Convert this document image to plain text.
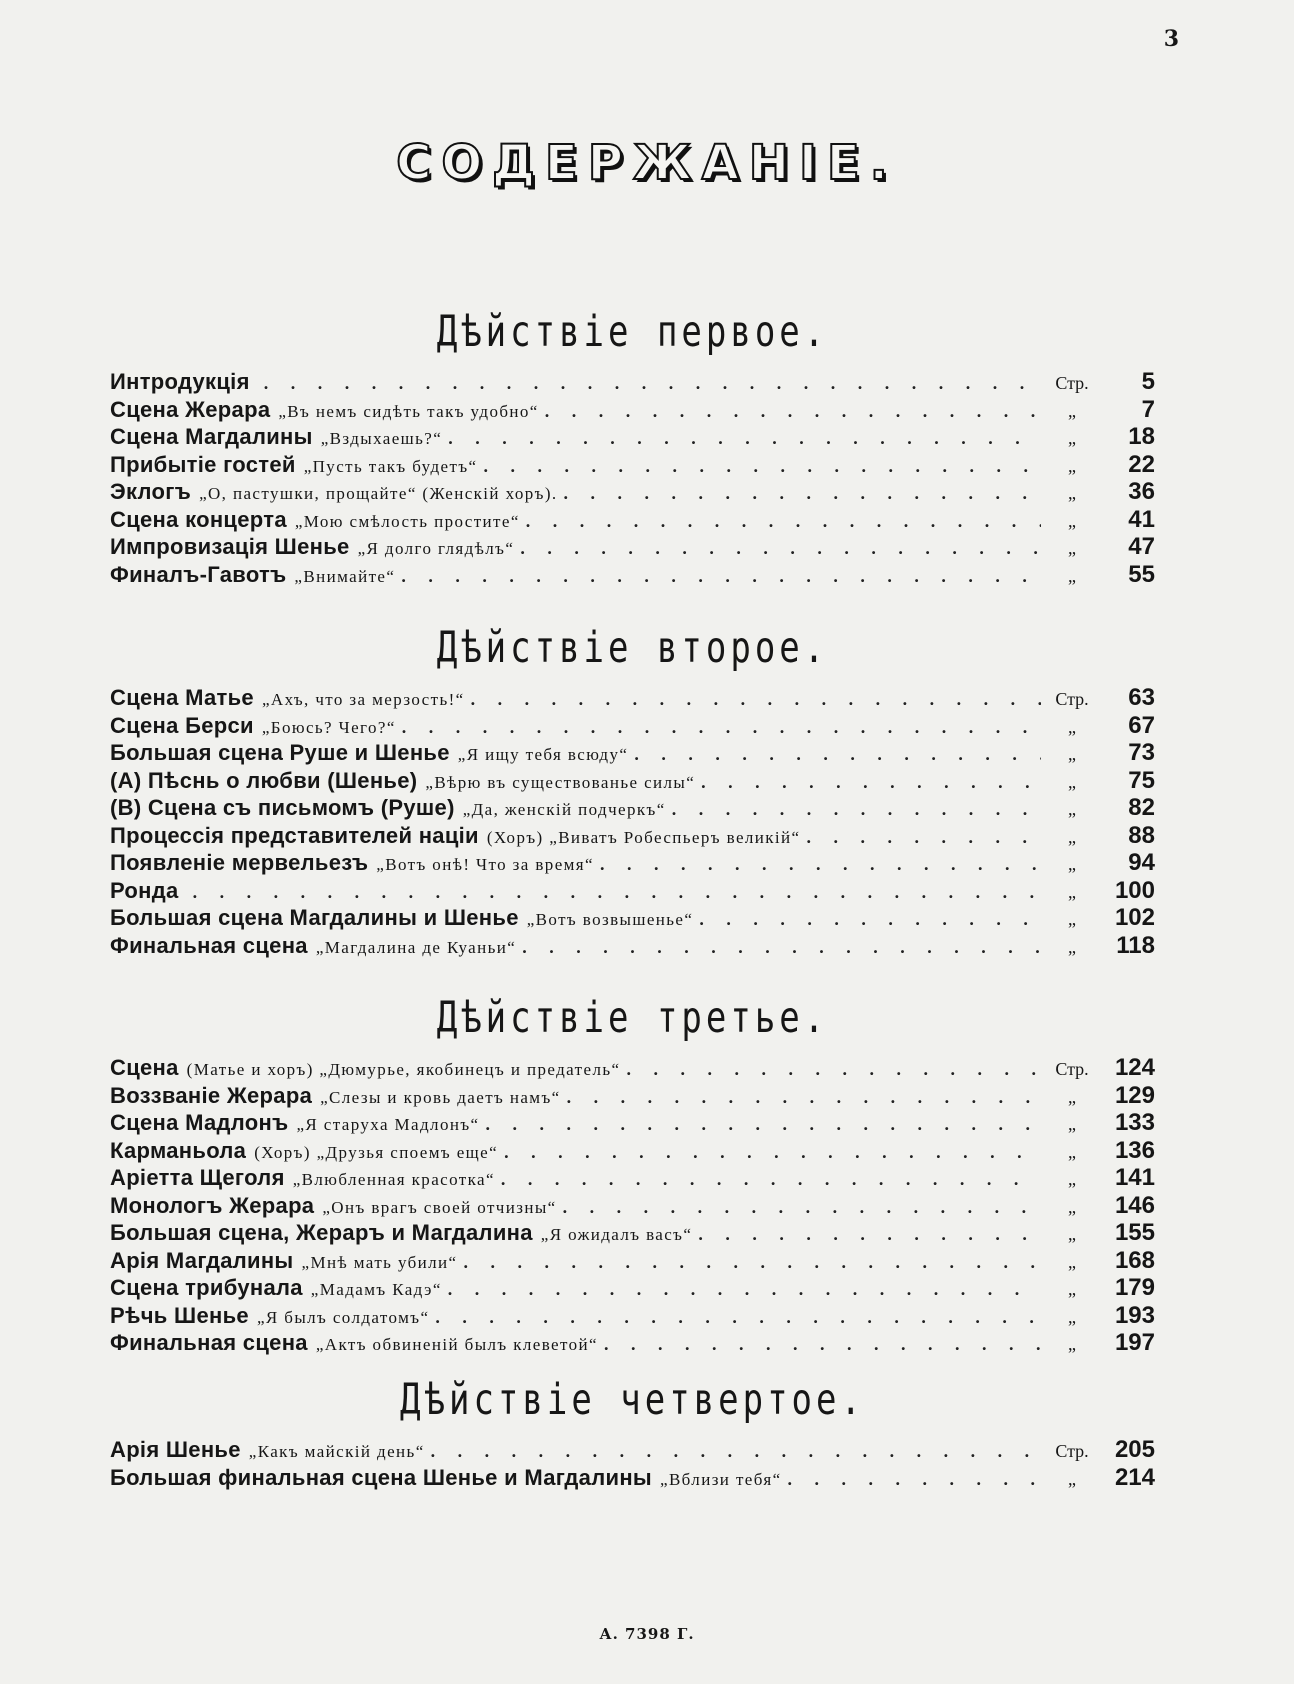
3
СОДЕРЖАНІЕ.
Дѣйствіе первое.
Интродукція . . .	Стр.	5
Сцена Жерара „Въ немъ сидѣть такъ удобно“ . . .	„	7
Сцена Магдалины „Вздыхаешь?“ . . .	„	18
Прибытіе гостей „Пусть такъ будетъ“ . . .	„	22
Эклогъ „О, пастушки, прощайте“ (Женскій хоръ). . . .	„	36
Сцена концерта „Мою смѣлость простите“ . . .	„	41
Импровизація Шенье „Я долго глядѣлъ“ . . .	„	47
Финалъ-Гавотъ „Внимайте“ . . .	„	55
Дѣйствіе второе.
Сцена Матье „Ахъ, что за мерзость!“ . . .	Стр.	63
Сцена Берси „Боюсь? Чего?“ . . .	„	67
Большая сцена Руше и Шенье „Я ищу тебя всюду“ . . .	„	73
(А) Пѣснь о любви (Шенье) „Вѣрю въ существованье силы“ . . .	„	75
(В) Сцена съ письмомъ (Руше) „Да, женскій подчеркъ“ . . .	„	82
Процессія представителей націи (Хоръ) „Виватъ Робеспьеръ великій“ . . .	„	88
Появленіе мервельезъ „Вотъ онѣ! Что за время“ . . .	„	94
Ронда . . .	„	100
Большая сцена Магдалины и Шенье „Вотъ возвышенье“ . . .	„	102
Финальная сцена „Магдалина де Куаньи“ . . .	„	118
Дѣйствіе третье.
Сцена (Матье и хоръ) „Дюмурье, якобинецъ и предатель“ . . .	Стр.	124
Воззваніе Жерара „Слезы и кровь даетъ намъ“ . . .	„	129
Сцена Мадлонъ „Я старуха Мадлонъ“ . . .	„	133
Карманьола (Хоръ) „Друзья споемъ еще“ . . .	„	136
Аріетта Щеголя „Влюбленная красотка“ . . .	„	141
Монологъ Жерара „Онъ врагъ своей отчизны“ . . .	„	146
Большая сцена, Жераръ и Магдалина „Я ожидалъ васъ“ . . .	„	155
Арія Магдалины „Мнѣ мать убили“ . . .	„	168
Сцена трибунала „Мадамъ Кадэ“ . . .	„	179
Рѣчь Шенье „Я былъ солдатомъ“ . . .	„	193
Финальная сцена „Актъ обвиненій былъ клеветой“ . . .	„	197
Дѣйствіе четвертое.
Арія Шенье „Какъ майскій день“ . . .	Стр.	205
Большая финальная сцена Шенье и Магдалины „Вблизи тебя“ . . .	„	214
А. 7398 Г.
